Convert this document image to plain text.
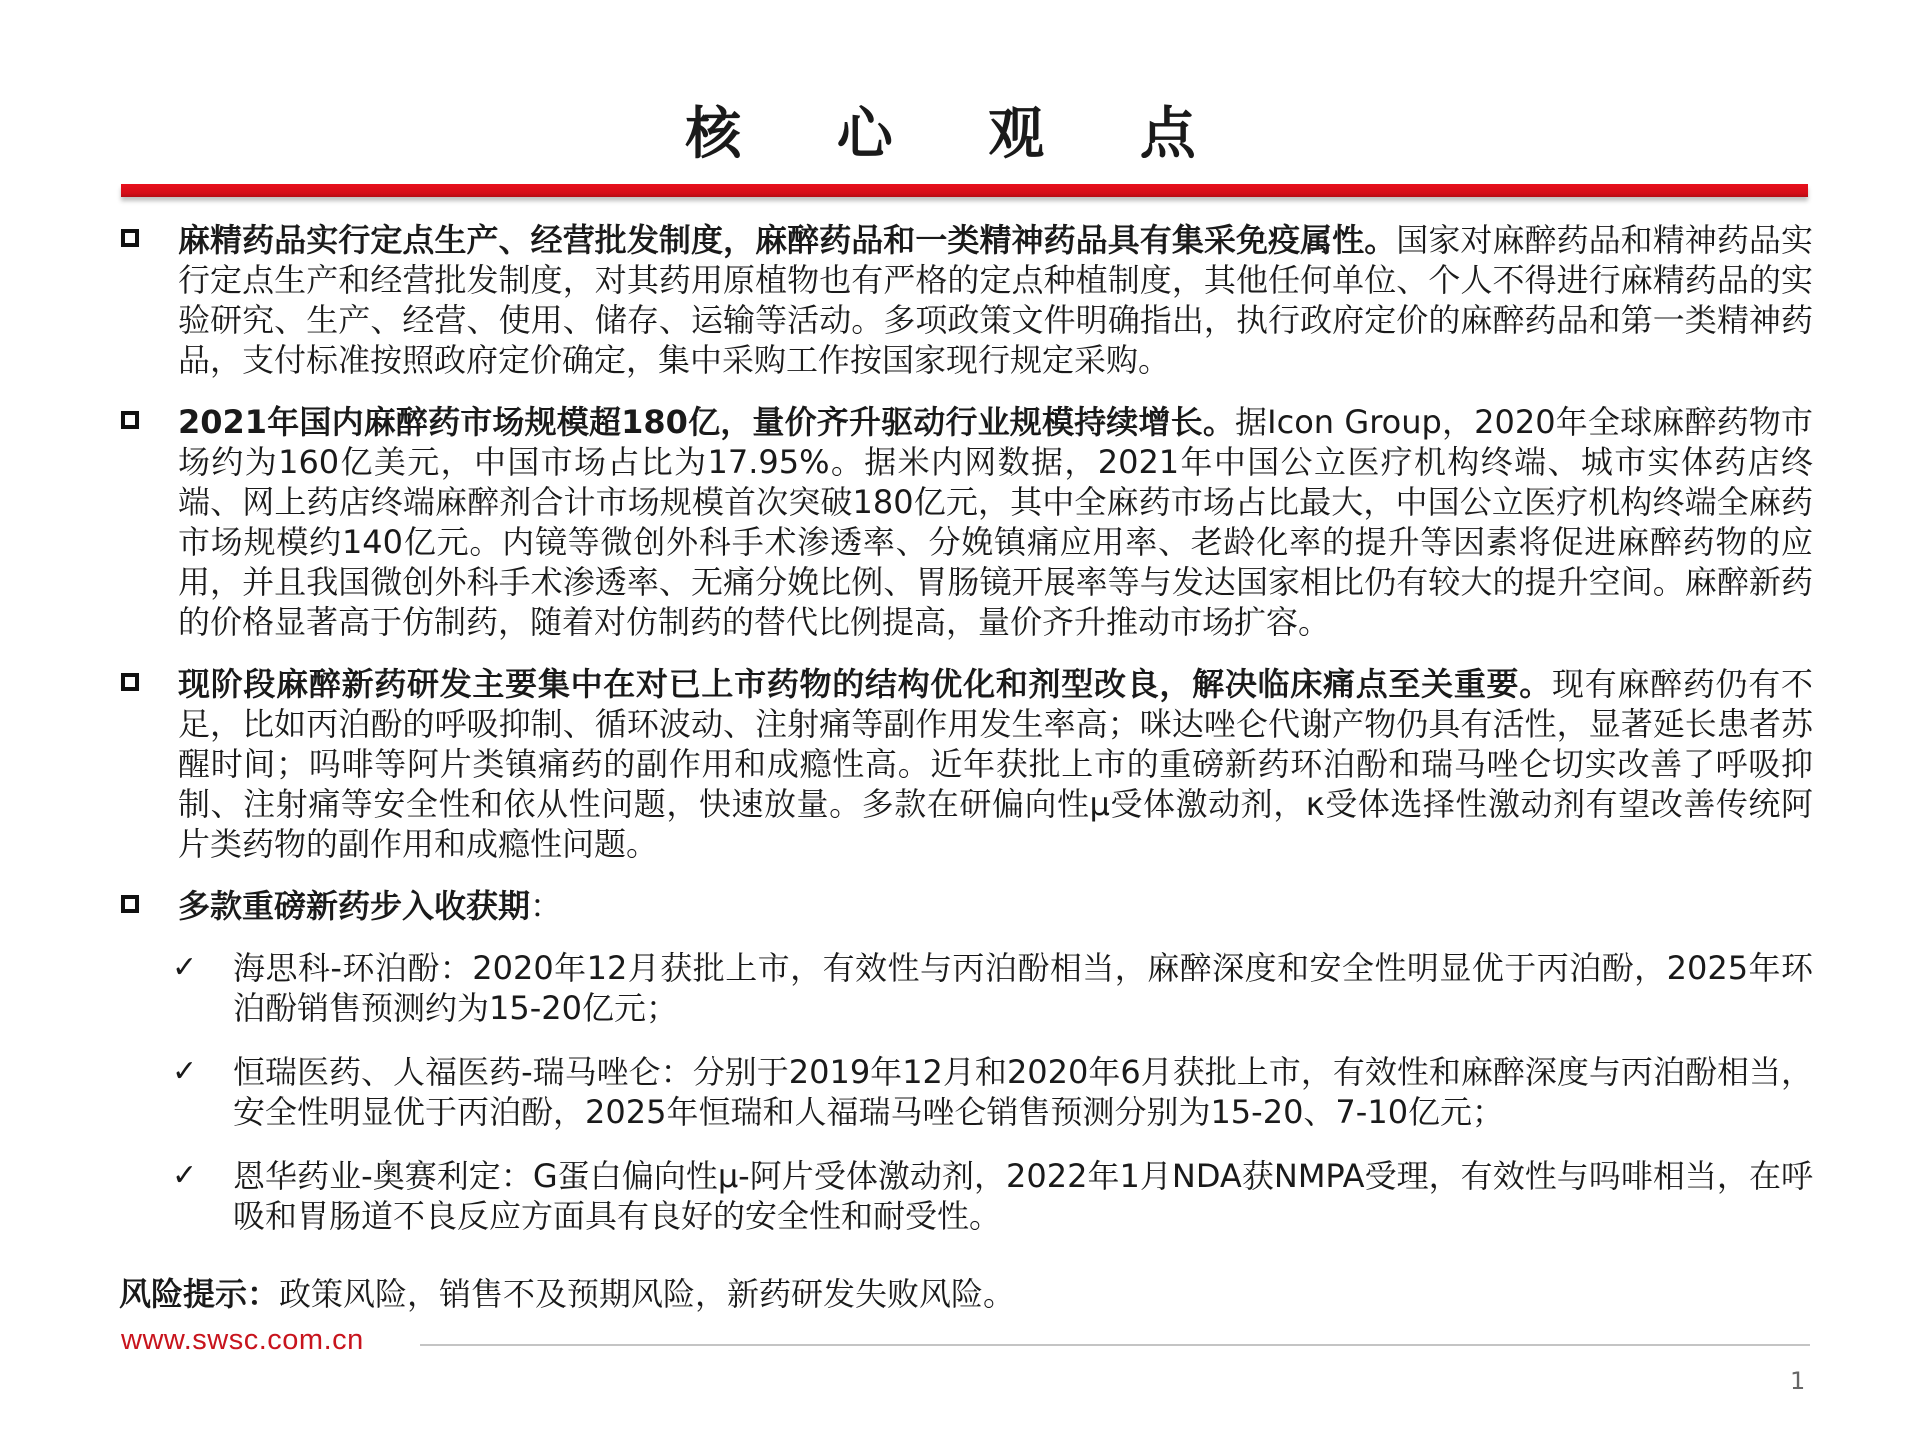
核 心 观 点
麻精药品实行定点生产、经营批发制度，麻醉药品和一类精神药品具有集采免疫属性。国家对麻醉药品和精神药品实行定点生产和经营批发制度，对其药用原植物也有严格的定点种植制度，其他任何单位、个人不得进行麻精药品的实验研究、生产、经营、使用、储存、运输等活动。多项政策文件明确指出，执行政府定价的麻醉药品和第一类精神药品，支付标准按照政府定价确定，集中采购工作按国家现行规定采购。
2021年国内麻醉药市场规模超180亿，量价齐升驱动行业规模持续增长。据Icon Group，2020年全球麻醉药物市场约为160亿美元，中国市场占比为17.95%。据米内网数据，2021年中国公立医疗机构终端、城市实体药店终端、网上药店终端麻醉剂合计市场规模首次突破180亿元，其中全麻药市场占比最大，中国公立医疗机构终端全麻药市场规模约140亿元。内镜等微创外科手术渗透率、分娩镇痛应用率、老龄化率的提升等因素将促进麻醉药物的应用，并且我国微创外科手术渗透率、无痛分娩比例、胃肠镜开展率等与发达国家相比仍有较大的提升空间。麻醉新药的价格显著高于仿制药，随着对仿制药的替代比例提高，量价齐升推动市场扩容。
现阶段麻醉新药研发主要集中在对已上市药物的结构优化和剂型改良，解决临床痛点至关重要。现有麻醉药仍有不足，比如丙泊酚的呼吸抑制、循环波动、注射痛等副作用发生率高；咪达唑仑代谢产物仍具有活性，显著延长患者苏醒时间；吗啡等阿片类镇痛药的副作用和成瘾性高。近年获批上市的重磅新药环泊酚和瑞马唑仑切实改善了呼吸抑制、注射痛等安全性和依从性问题，快速放量。多款在研偏向性μ受体激动剂，κ受体选择性激动剂有望改善传统阿片类药物的副作用和成瘾性问题。
多款重磅新药步入收获期：
✓ 海思科-环泊酚：2020年12月获批上市，有效性与丙泊酚相当，麻醉深度和安全性明显优于丙泊酚，2025年环泊酚销售预测约为15-20亿元；
✓ 恒瑞医药、人福医药-瑞马唑仑：分别于2019年12月和2020年6月获批上市，有效性和麻醉深度与丙泊酚相当，安全性明显优于丙泊酚，2025年恒瑞和人福瑞马唑仑销售预测分别为15-20、7-10亿元；
✓ 恩华药业-奥赛利定：G蛋白偏向性μ-阿片受体激动剂，2022年1月NDA获NMPA受理，有效性与吗啡相当，在呼吸和胃肠道不良反应方面具有良好的安全性和耐受性。
风险提示：政策风险，销售不及预期风险，新药研发失败风险。
www.swsc.com.cn
1
